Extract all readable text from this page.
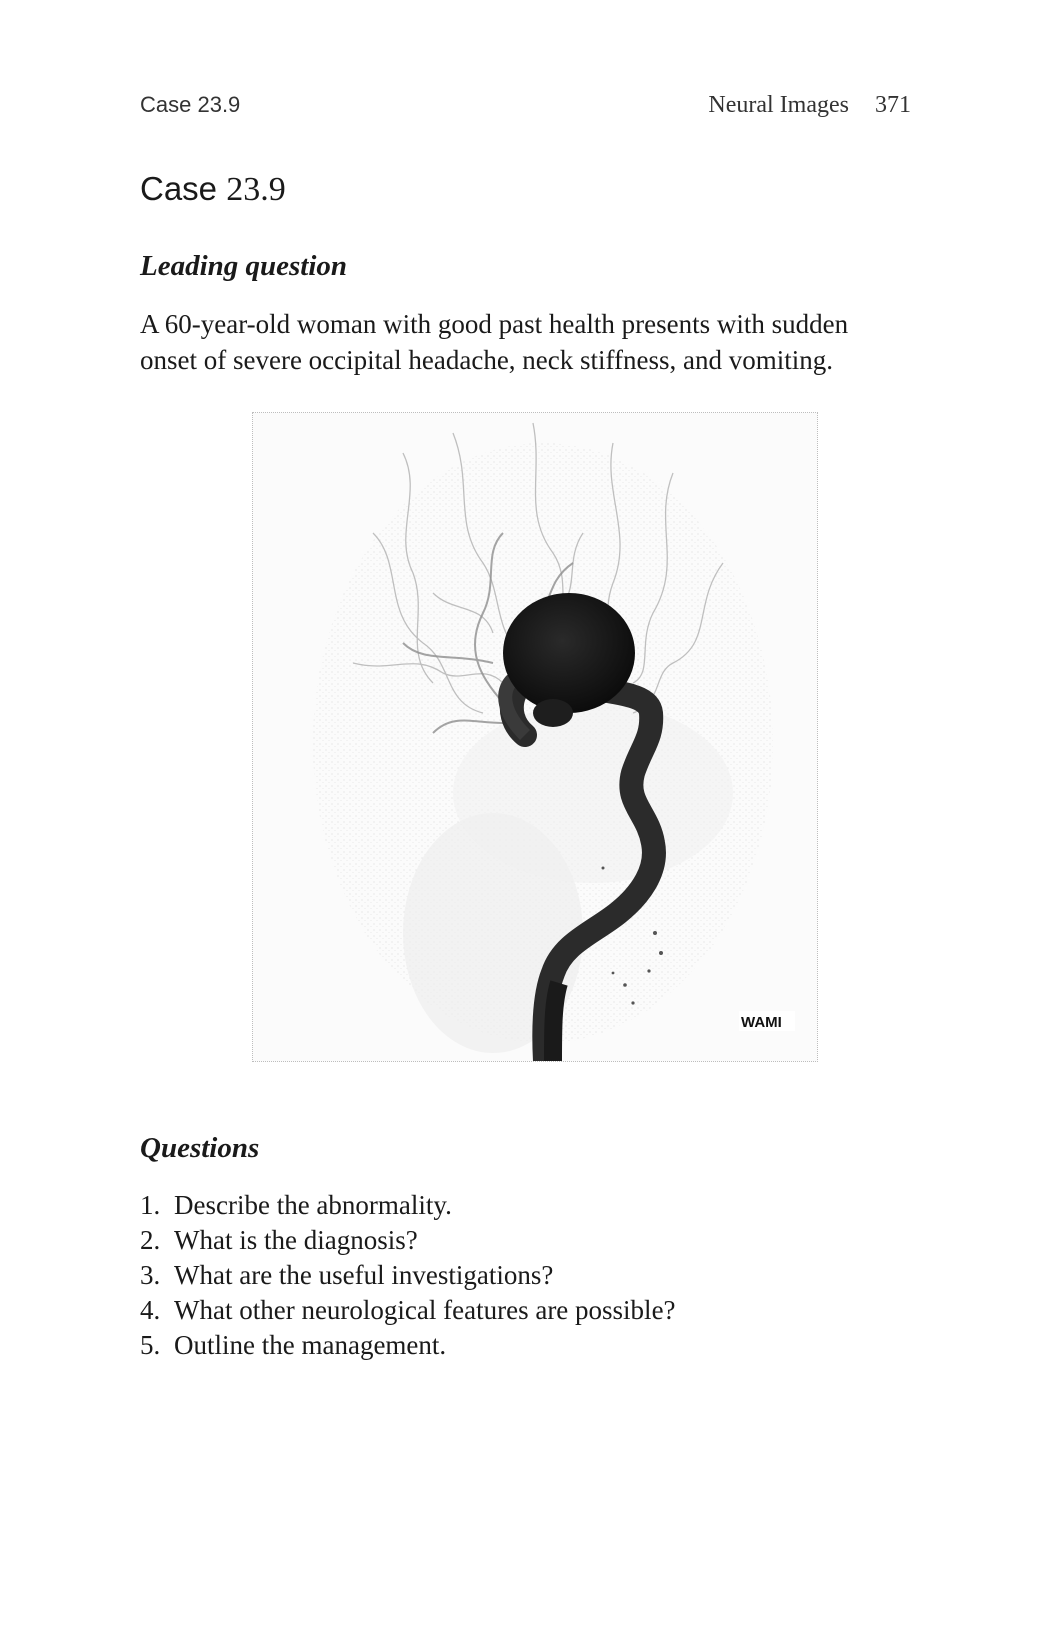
Case 23.9	Neural Images 371
Case 23.9
Leading question

A 60-year-old woman with good past health presents with sudden
onset of severe occipital headache, neck stiffness, and vomiting.

WAMI
Questions
1. Describe the abnormality.
2. What is the diagnosis?
3. What are the useful investigations?
4. What other neurological features are possible?
5. Outline the management.
